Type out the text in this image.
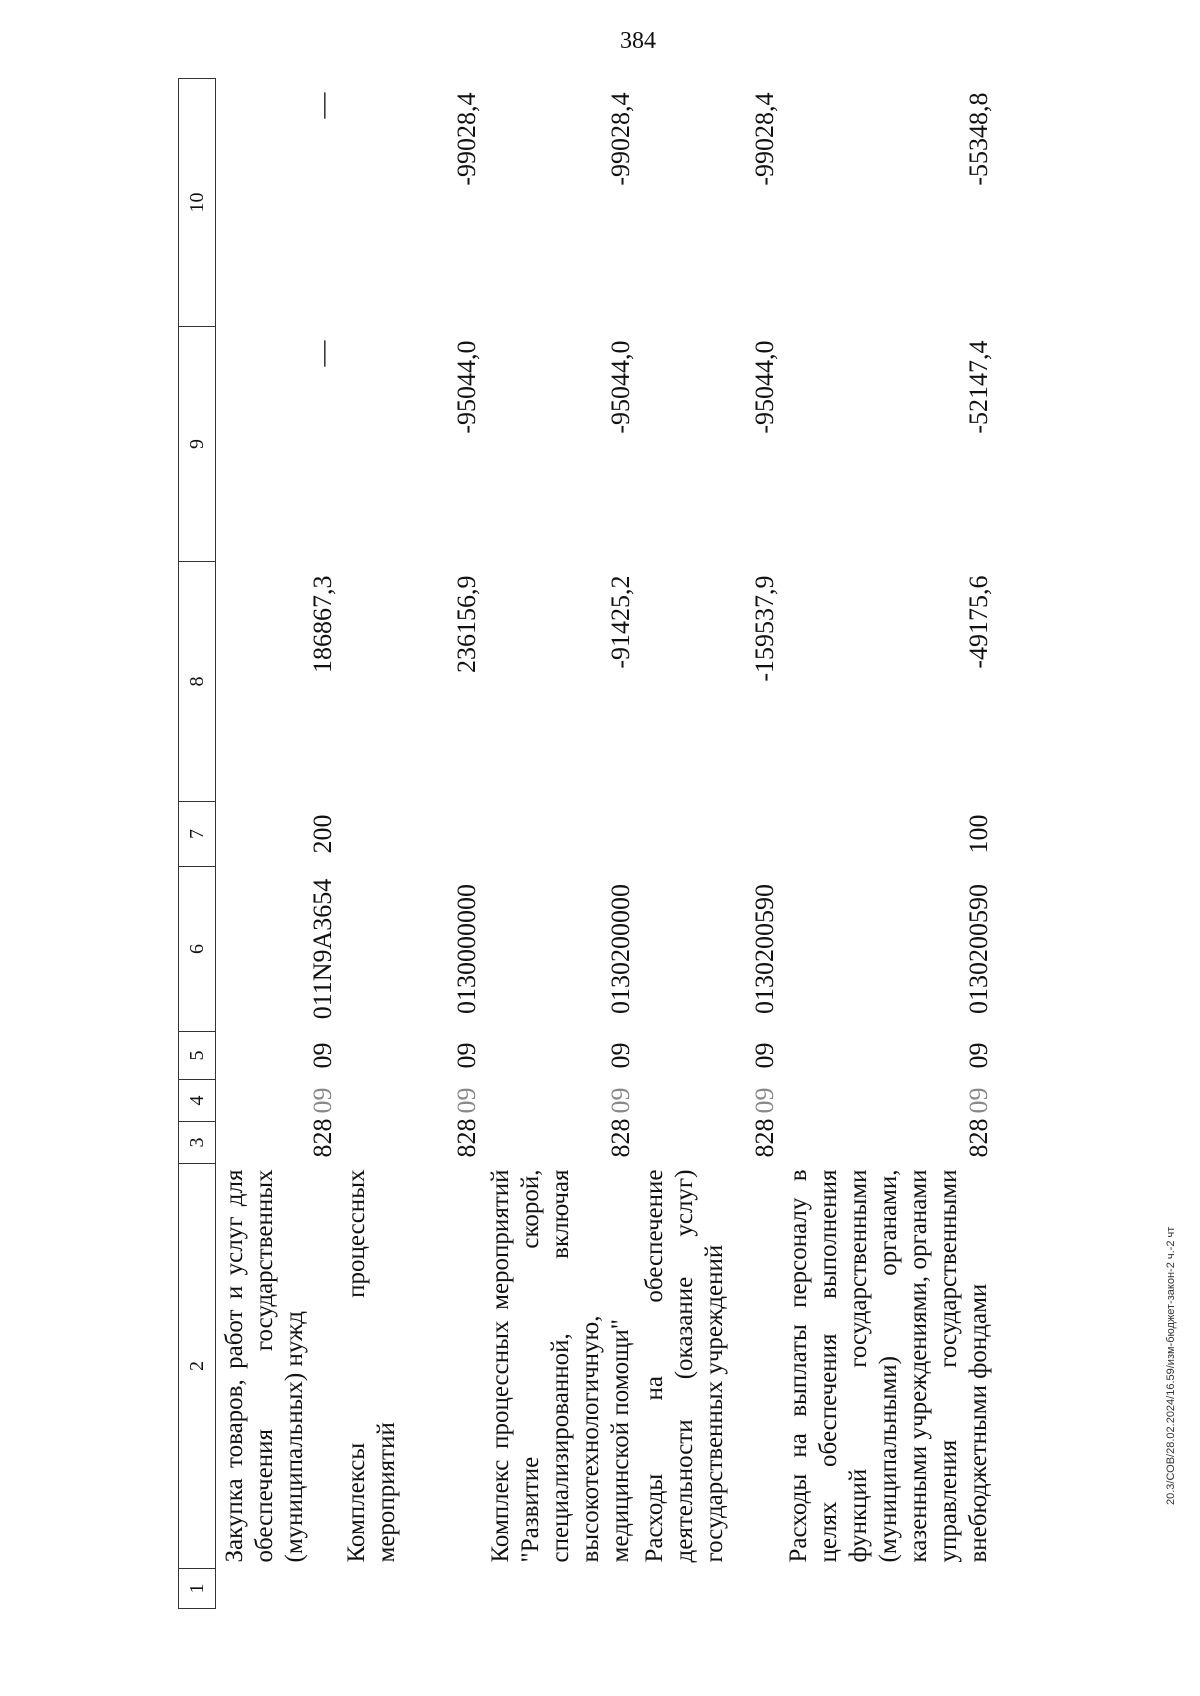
384
1	2	3	4	5	6	7	8	9	10
	Закупка товаров, работ и услуг для обеспечения государственных (муниципальных) нужд	828	09	09	011N9A3654	200	186867,3	—	—
	Комплексы процессных мероприятий	828	09	09	0130000000		236156,9	-95044,0	-99028,4
	Комплекс процессных мероприятий "Развитие скорой, специализированной, включая высокотехнологичную, медицинской помощи"	828	09	09	0130200000		-91425,2	-95044,0	-99028,4
	Расходы на обеспечение деятельности (оказание услуг) государственных учреждений	828	09	09	0130200590		-159537,9	-95044,0	-99028,4
	Расходы на выплаты персоналу в целях обеспечения выполнения функций государственными (муниципальными) органами, казенными учреждениями, органами управления государственными внебюджетными фондами	828	09	09	0130200590	100	-49175,6	-52147,4	-55348,8
20.3/СОВ/28.02.2024/16.59/изм-бюджет-закон-2 ч.-2 чт
